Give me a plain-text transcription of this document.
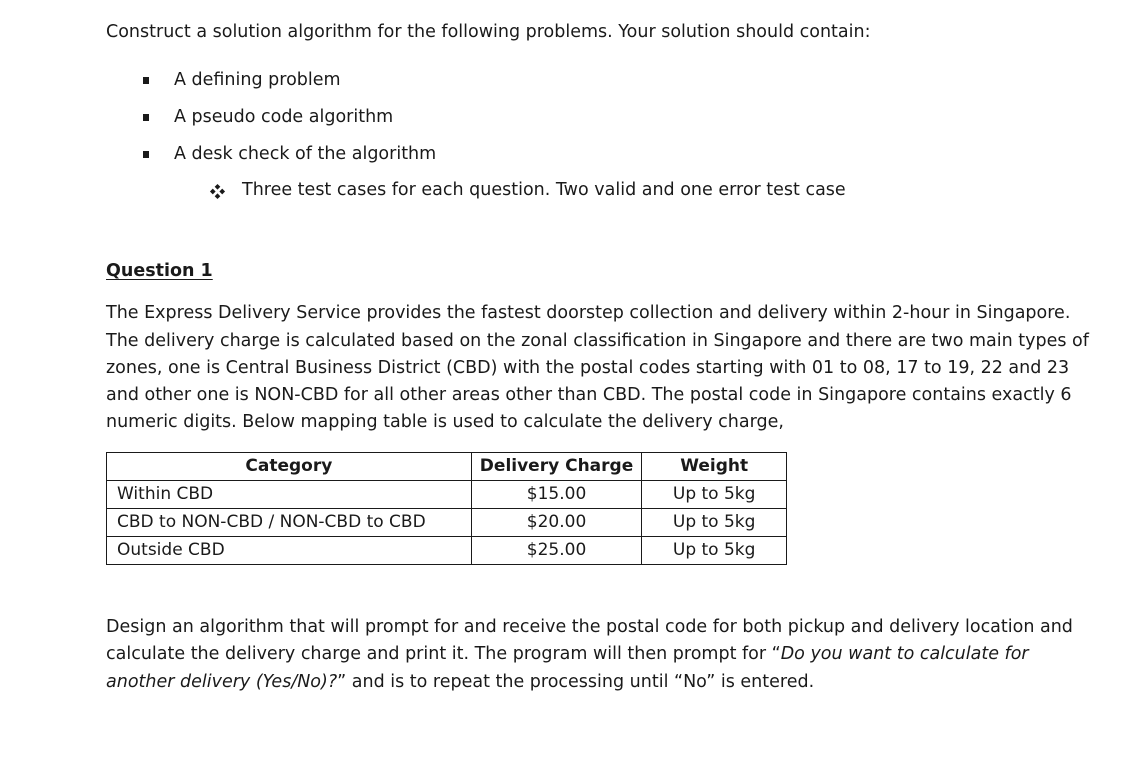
Construct a solution algorithm for the following problems. Your solution should contain:
A defining problem
A pseudo code algorithm
A desk check of the algorithm
Three test cases for each question. Two valid and one error test case
Question 1
The Express Delivery Service provides the fastest doorstep collection and delivery within 2-hour in Singapore.
The delivery charge is calculated based on the zonal classification in Singapore and there are two main types of
zones, one is Central Business District (CBD) with the postal codes starting with 01 to 08, 17 to 19, 22 and 23
and other one is NON-CBD for all other areas other than CBD. The postal code in Singapore contains exactly 6
numeric digits. Below mapping table is used to calculate the delivery charge,
Category	Delivery Charge	Weight
Within CBD	$15.00	Up to 5kg
CBD to NON-CBD / NON-CBD to CBD	$20.00	Up to 5kg
Outside CBD	$25.00	Up to 5kg
Design an algorithm that will prompt for and receive the postal code for both pickup and delivery location and
calculate the delivery charge and print it. The program will then prompt for “Do you want to calculate for
another delivery (Yes/No)?” and is to repeat the processing until “No” is entered.
